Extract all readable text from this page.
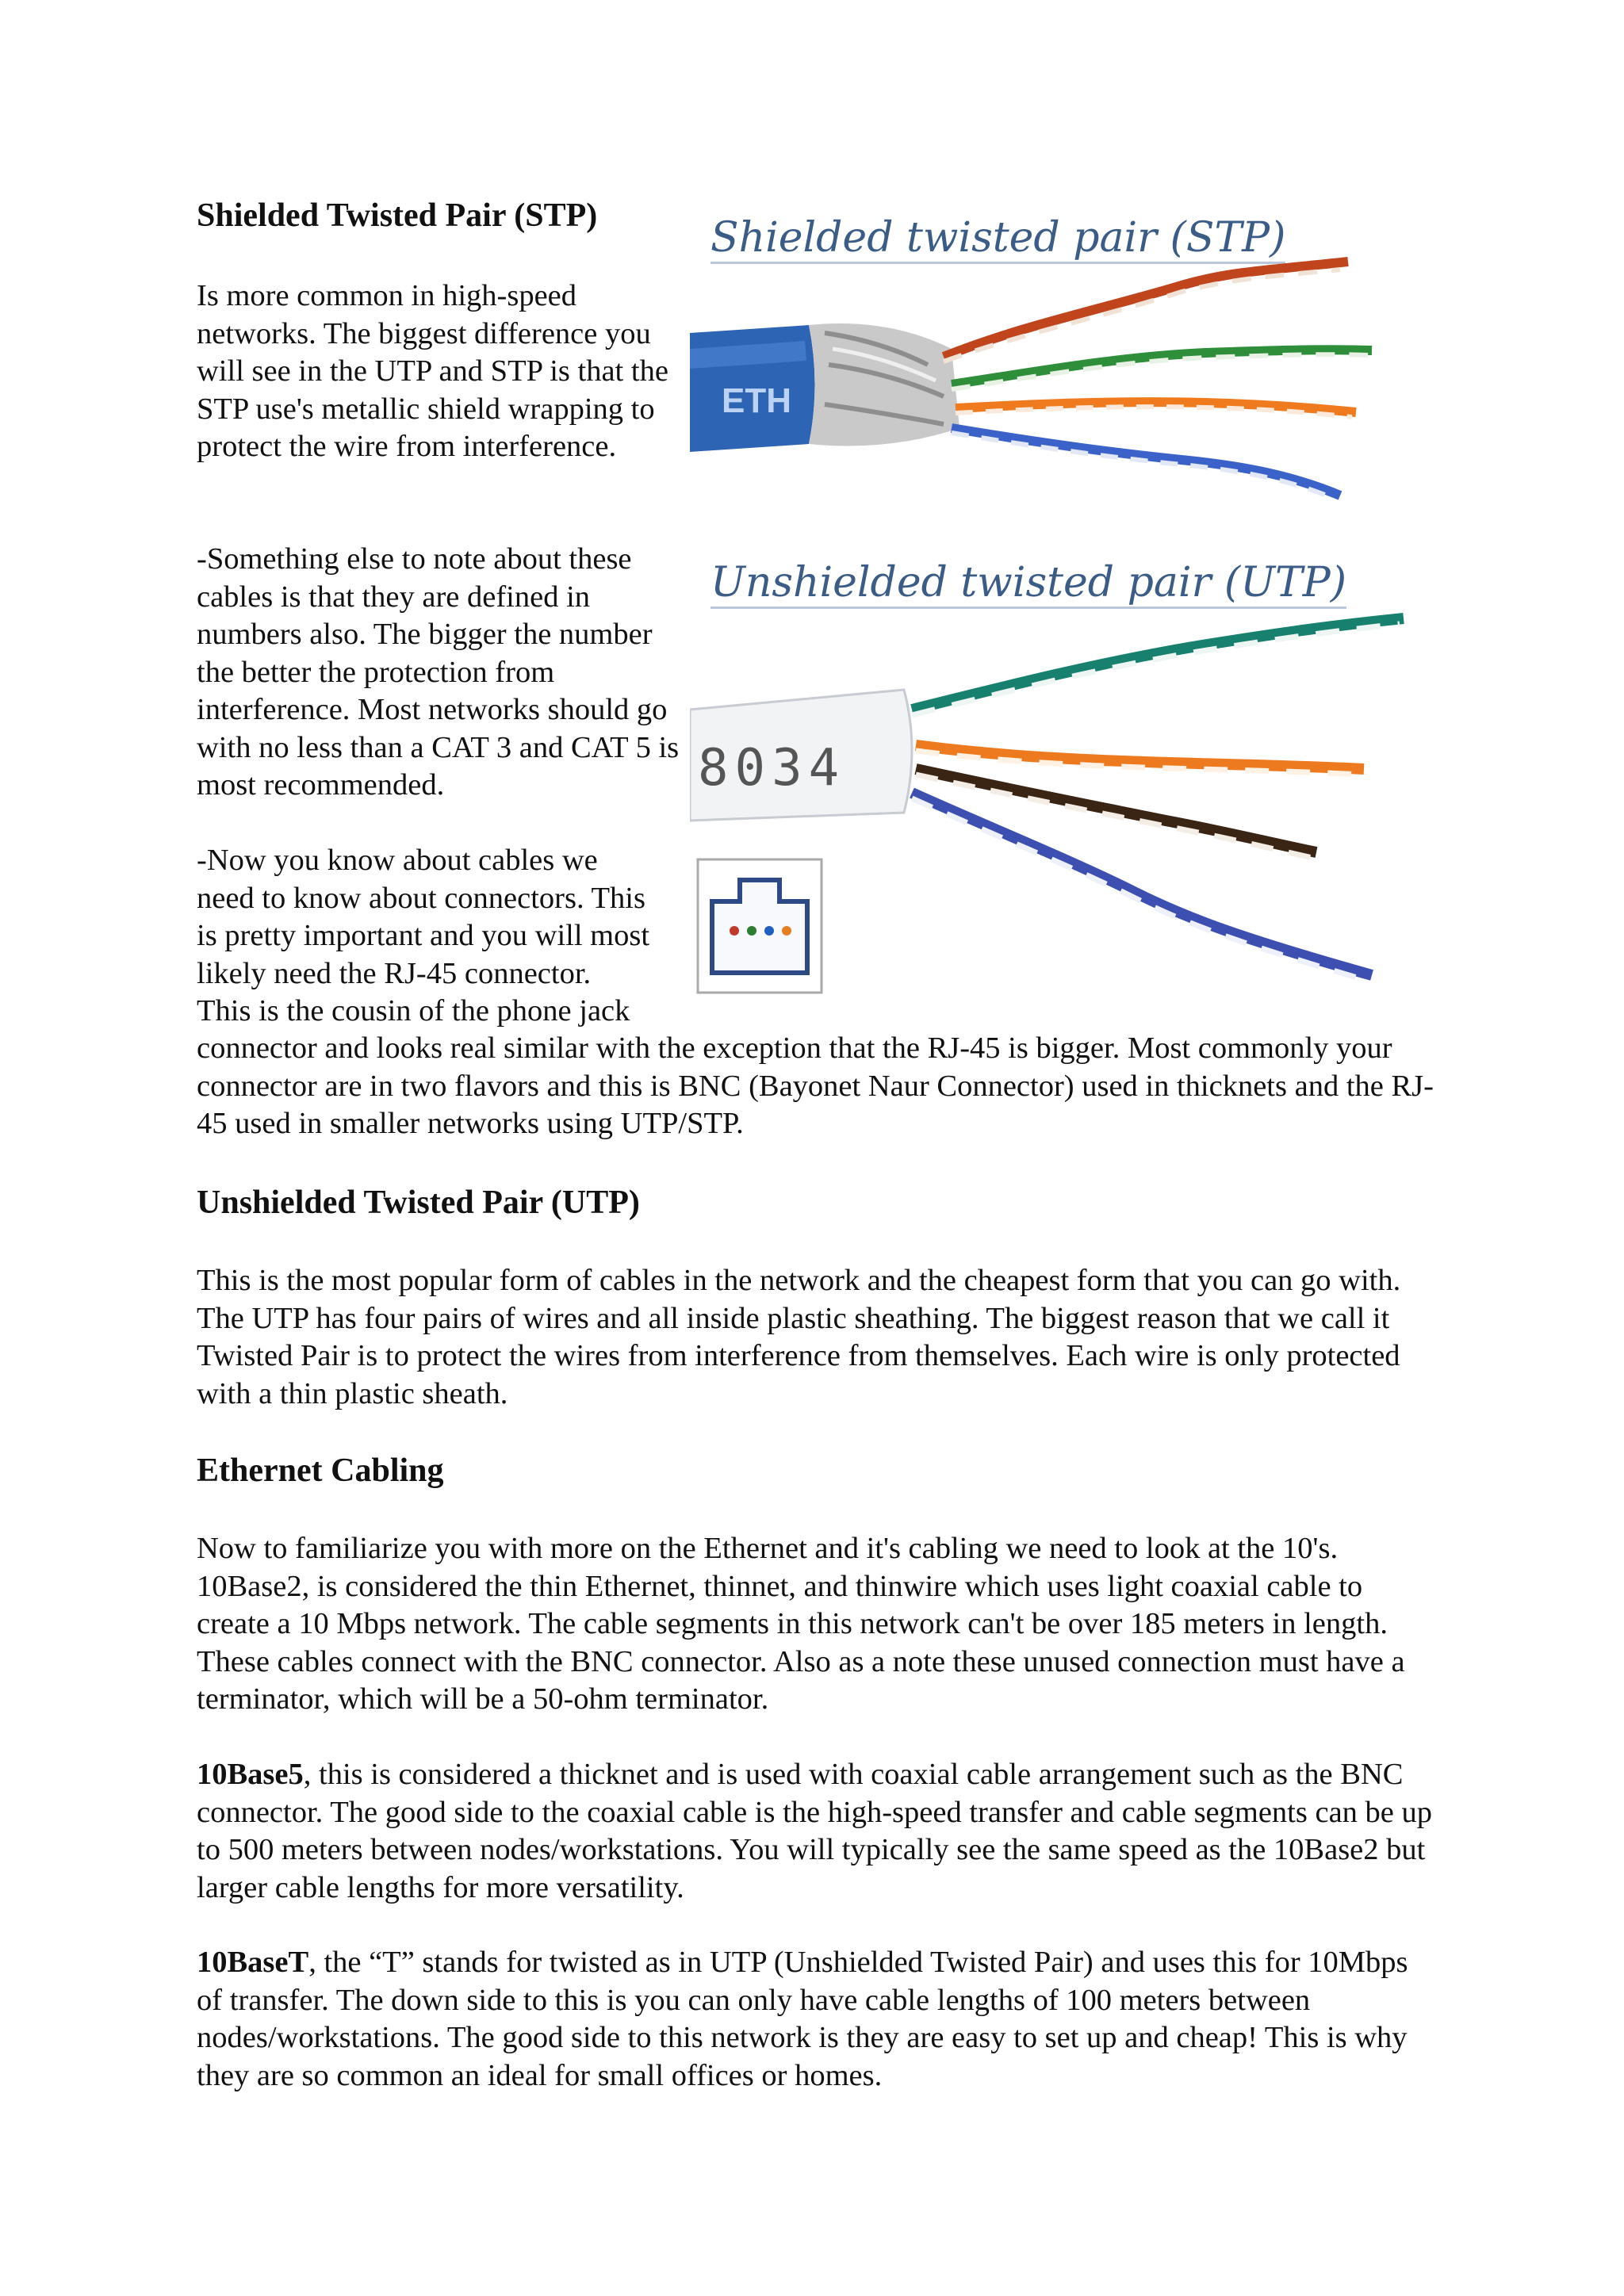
Shielded Twisted Pair (STP)

Is more common in high-speed networks. The biggest difference you will see in the UTP and STP is that the STP use's metallic shield wrapping to protect the wire from interference.

-Something else to note about these cables is that they are defined in numbers also. The bigger the number the better the protection from interference. Most networks should go with no less than a CAT 3 and CAT 5 is most recommended.

-Now you know about cables we
need to know about connectors. This
is pretty important and you will most
likely need the RJ-45 connector.
This is the cousin of the phone jack

connector and looks real similar with the exception that the RJ-45 is bigger. Most commonly your connector are in two flavors and this is BNC (Bayonet Naur Connector) used in thicknets and the RJ-45 used in smaller networks using UTP/STP.

Unshielded Twisted Pair (UTP)

This is the most popular form of cables in the network and the cheapest form that you can go with. The UTP has four pairs of wires and all inside plastic sheathing. The biggest reason that we call it Twisted Pair is to protect the wires from interference from themselves. Each wire is only protected with a thin plastic sheath.

Ethernet Cabling

Now to familiarize you with more on the Ethernet and it's cabling we need to look at the 10's. 10Base2, is considered the thin Ethernet, thinnet, and thinwire which uses light coaxial cable to create a 10 Mbps network. The cable segments in this network can't be over 185 meters in length. These cables connect with the BNC connector. Also as a note these unused connection must have a terminator, which will be a 50-ohm terminator.

10Base5, this is considered a thicknet and is used with coaxial cable arrangement such as the BNC connector. The good side to the coaxial cable is the high-speed transfer and cable segments can be up to 500 meters between nodes/workstations. You will typically see the same speed as the 10Base2 but larger cable lengths for more versatility.

10BaseT, the “T” stands for twisted as in UTP (Unshielded Twisted Pair) and uses this for 10Mbps of transfer. The down side to this is you can only have cable lengths of 100 meters between nodes/workstations. The good side to this network is they are easy to set up and cheap! This is why they are so common an ideal for small offices or homes.

Shielded twisted pair (STP)
ETH
Unshielded twisted pair (UTP)
8034
